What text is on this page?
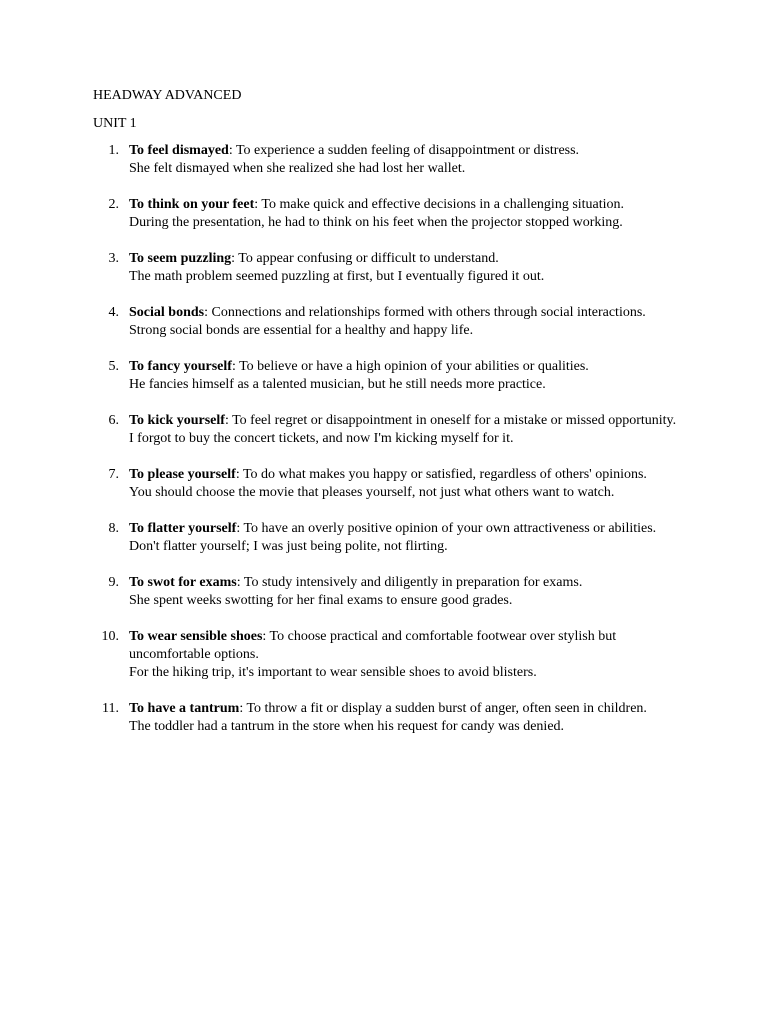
HEADWAY ADVANCED
UNIT 1
1. To feel dismayed: To experience a sudden feeling of disappointment or distress.
She felt dismayed when she realized she had lost her wallet.
2. To think on your feet: To make quick and effective decisions in a challenging situation.
During the presentation, he had to think on his feet when the projector stopped working.
3. To seem puzzling: To appear confusing or difficult to understand.
The math problem seemed puzzling at first, but I eventually figured it out.
4. Social bonds: Connections and relationships formed with others through social interactions.
Strong social bonds are essential for a healthy and happy life.
5. To fancy yourself: To believe or have a high opinion of your abilities or qualities.
He fancies himself as a talented musician, but he still needs more practice.
6. To kick yourself: To feel regret or disappointment in oneself for a mistake or missed opportunity.
I forgot to buy the concert tickets, and now I'm kicking myself for it.
7. To please yourself: To do what makes you happy or satisfied, regardless of others' opinions.
You should choose the movie that pleases yourself, not just what others want to watch.
8. To flatter yourself: To have an overly positive opinion of your own attractiveness or abilities.
Don't flatter yourself; I was just being polite, not flirting.
9. To swot for exams: To study intensively and diligently in preparation for exams.
She spent weeks swotting for her final exams to ensure good grades.
10. To wear sensible shoes: To choose practical and comfortable footwear over stylish but uncomfortable options.
For the hiking trip, it's important to wear sensible shoes to avoid blisters.
11. To have a tantrum: To throw a fit or display a sudden burst of anger, often seen in children.
The toddler had a tantrum in the store when his request for candy was denied.
